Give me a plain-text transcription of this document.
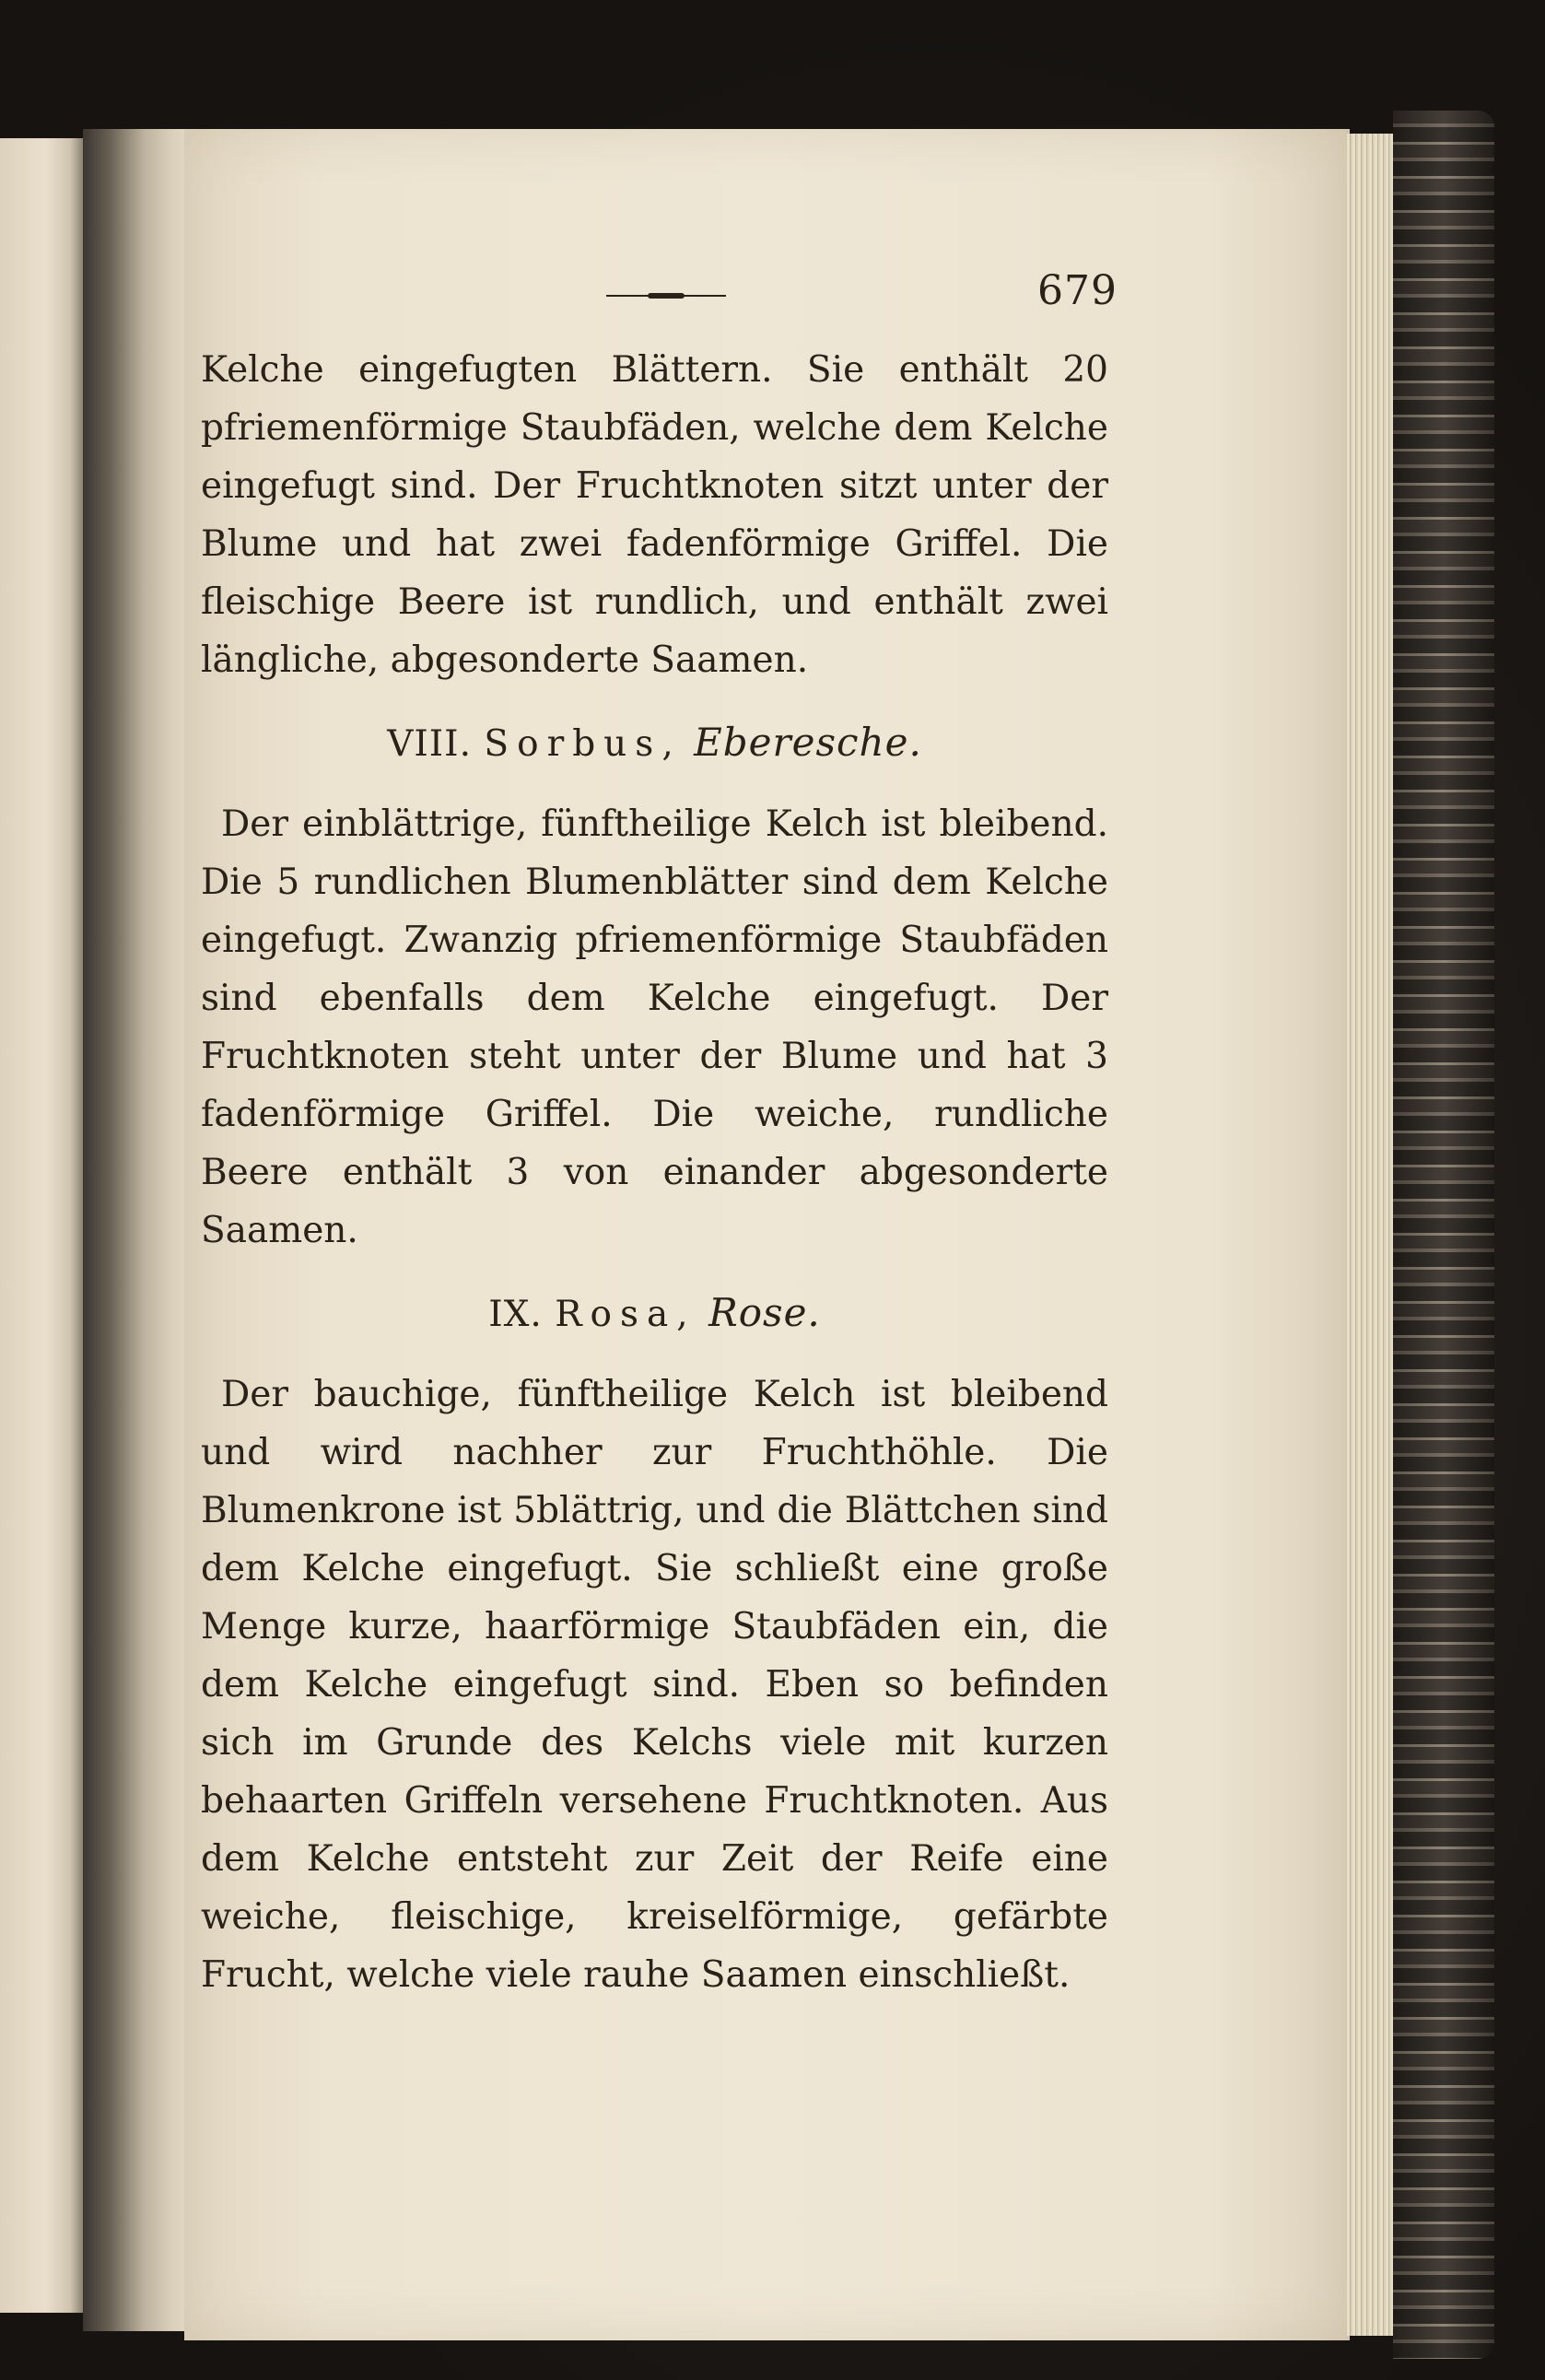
679

Kelche eingefugten Blättern. Sie enthält 20 pfriemenförmige Staubfäden, welche dem Kelche eingefugt sind. Der Fruchtknoten sitzt unter der Blume und hat zwei fadenförmige Griffel. Die fleischige Beere ist rundlich, und enthält zwei längliche, abgesonderte Saamen.

VIII. Sorbus, Eberesche.

Der einblättrige, fünftheilige Kelch ist bleibend. Die 5 rundlichen Blumenblätter sind dem Kelche eingefugt. Zwanzig pfriemenförmige Staubfäden sind ebenfalls dem Kelche eingefugt. Der Fruchtknoten steht unter der Blume und hat 3 fadenförmige Griffel. Die weiche, rundliche Beere enthält 3 von einander abgesonderte Saamen.

IX. Rosa, Rose.

Der bauchige, fünftheilige Kelch ist bleibend und wird nachher zur Fruchthöhle. Die Blumenkrone ist 5blättrig, und die Blättchen sind dem Kelche eingefugt. Sie schließt eine große Menge kurze, haarförmige Staubfäden ein, die dem Kelche eingefugt sind. Eben so befinden sich im Grunde des Kelchs viele mit kurzen behaarten Griffeln versehene Fruchtknoten. Aus dem Kelche entsteht zur Zeit der Reife eine weiche, fleischige, kreiselförmige, gefärbte Frucht, welche viele rauhe Saamen einschließt.
